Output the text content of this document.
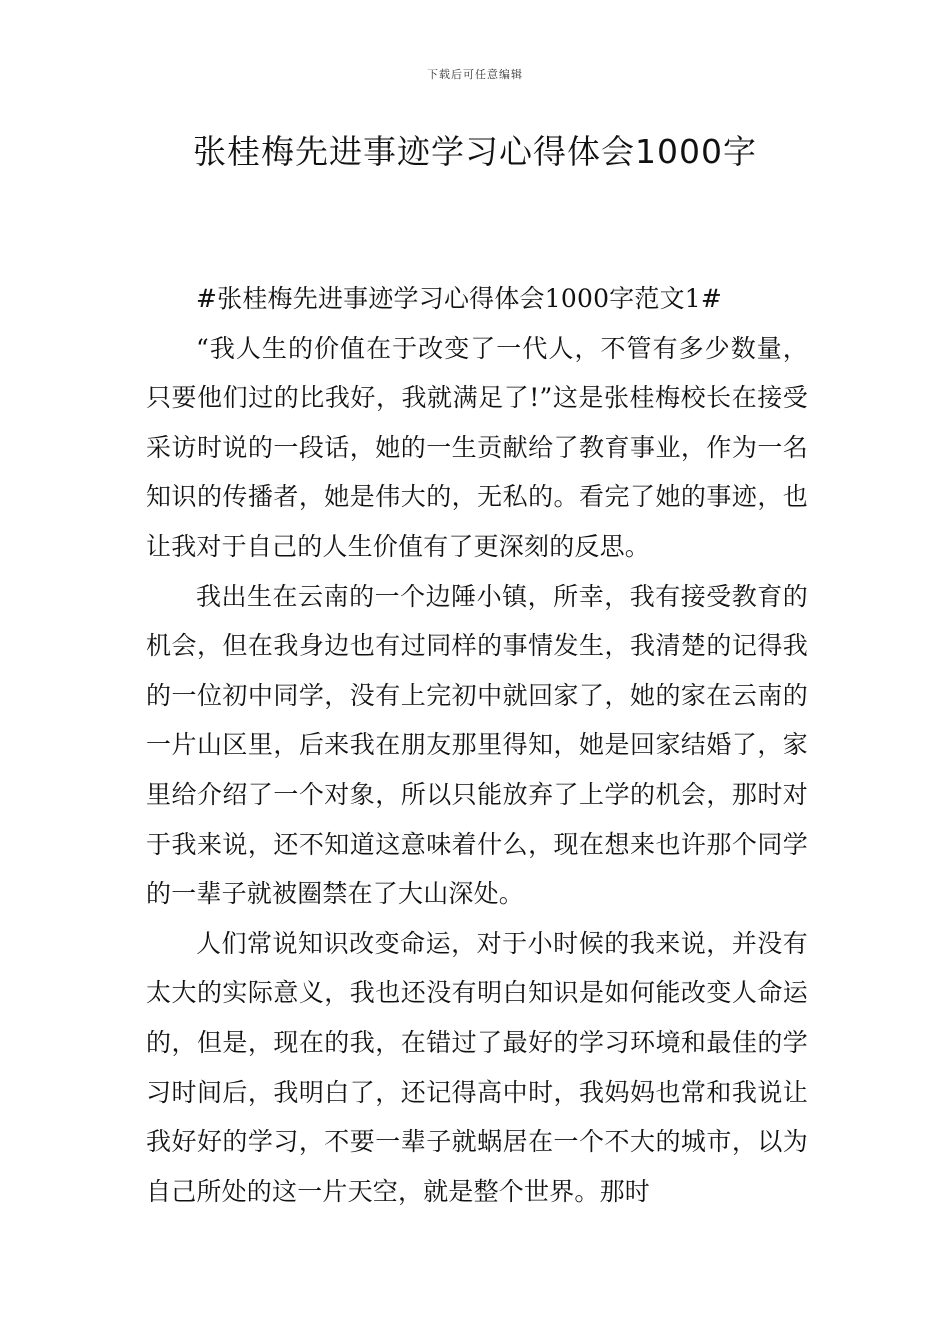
下载后可任意编辑
张桂梅先进事迹学习心得体会1000字

#张桂梅先进事迹学习心得体会1000字范文1#

“我人生的价值在于改变了一代人，不管有多少数量，只要他们过的比我好，我就满足了!”这是张桂梅校长在接受采访时说的一段话，她的一生贡献给了教育事业，作为一名知识的传播者，她是伟大的，无私的。看完了她的事迹，也让我对于自己的人生价值有了更深刻的反思。

我出生在云南的一个边陲小镇，所幸，我有接受教育的机会，但在我身边也有过同样的事情发生，我清楚的记得我的一位初中同学，没有上完初中就回家了，她的家在云南的一片山区里，后来我在朋友那里得知，她是回家结婚了，家里给介绍了一个对象，所以只能放弃了上学的机会，那时对于我来说，还不知道这意味着什么，现在想来也许那个同学的一辈子就被圈禁在了大山深处。

人们常说知识改变命运，对于小时候的我来说，并没有太大的实际意义，我也还没有明白知识是如何能改变人命运的，但是，现在的我，在错过了最好的学习环境和最佳的学习时间后，我明白了，还记得高中时，我妈妈也常和我说让我好好的学习，不要一辈子就蜗居在一个不大的城市，以为自己所处的这一片天空，就是整个世界。那时
